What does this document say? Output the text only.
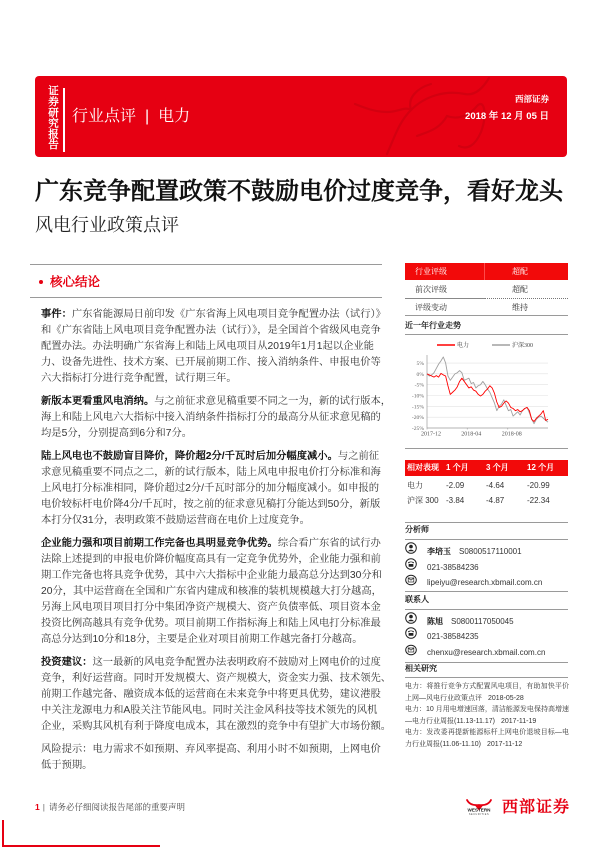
证券研究报告 行业点评 | 电力
西部证券
2018 年 12 月 05 日
广东竞争配置政策不鼓励电价过度竞争，看好龙头
风电行业政策点评
核心结论
事件：广东省能源局日前印发《广东省海上风电项目竞争配置办法（试行）》
和《广东省陆上风电项目竞争配置办法（试行）》，是全国首个省级风电竞争
配置办法。办法明确广东省海上和陆上风电项目从2019年1月1起以企业能
力、设备先进性、技术方案、已开展前期工作、接入消纳条件、申报电价等
六大指标打分进行竞争配置，试行期三年。
新版本更看重风电消纳。与之前征求意见稿重要不同之一为，新的试行版本，
海上和陆上风电六大指标中接入消纳条件指标打分的最高分从征求意见稿的
均是5分，分别提高到6分和7分。
陆上风电也不鼓励盲目降价，降价超2分/千瓦时后加分幅度减小。与之前征
求意见稿重要不同点之二，新的试行版本，陆上风电申报电价打分标准和海
上风电打分标准相同，降价超过2分/千瓦时部分的加分幅度减小。如申报的
电价较标杆电价降4分/千瓦时，按之前的征求意见稿打分能达到50分，新版
本打分仅31分，表明政策不鼓励运营商在电价上过度竞争。
企业能力强和项目前期工作完备也具明显竞争优势。综合看广东省的试行办
法除上述提到的申报电价降价幅度高具有一定竞争优势外，企业能力强和前
期工作完备也将具竞争优势，其中六大指标中企业能力最高总分达到30分和
20分，其中运营商在全国和广东省内建成和核准的装机规模越大打分越高，
另海上风电项目项目打分中集团净资产规模大、资产负债率低、项目资本金
投资比例高越具有竞争优势。项目前期工作指标海上和陆上风电打分标准最
高总分达到10分和18分，主要是企业对项目前期工作越完备打分越高。
投资建议：这一最新的风电竞争配置办法表明政府不鼓励对上网电价的过度
竞争，利好运营商。同时开发规模大、资产规模大，资金实力强、技术领先、
前期工作越完备、融资成本低的运营商在未来竞争中将更具优势，建议港股
中关注龙源电力和A股关注节能风电。同时关注金风科技等技术领先的风机
企业，采购其风机有利于降度电成本，其在激烈的竞争中有望扩大市场份额。
风险提示：电力需求不如预期、弃风率提高、利用小时不如预期，上网电价
低于预期。
行业评级	超配
前次评级	超配
评级变动	维持
近一年行业走势
5%
0%
-5%
-10%
-15%
-20%
-25%
2017-12	2018-04	2018-08
电力	沪深300
相对表现 1 个月 3 个月 12 个月
电力	-2.09	-4.64	-20.99
沪深 300 -3.84	-4.87	-22.34
分析师
李培玉 S0800517110001
021-38584236
lipeiyu@research.xbmail.com.cn
联系人
陈旭 S0800117050045
021-38584235
chenxu@research.xbmail.com.cn
相关研究
电力：将推行竞争方式配置风电项目，有助加快平价上网—风电行业政策点评 2018-05-28
电力：10 月用电增速回落，清洁能源发电保持高增速—电力行业周报(11.13-11.17) 2017-11-19
电力：发改委再提新能源标杆上网电价退坡目标—电力行业周报(11.06-11.10) 2017-11-12
1 | 请务必仔细阅读报告尾部的重要声明	WESTERN
SECURITIES 西部证券
